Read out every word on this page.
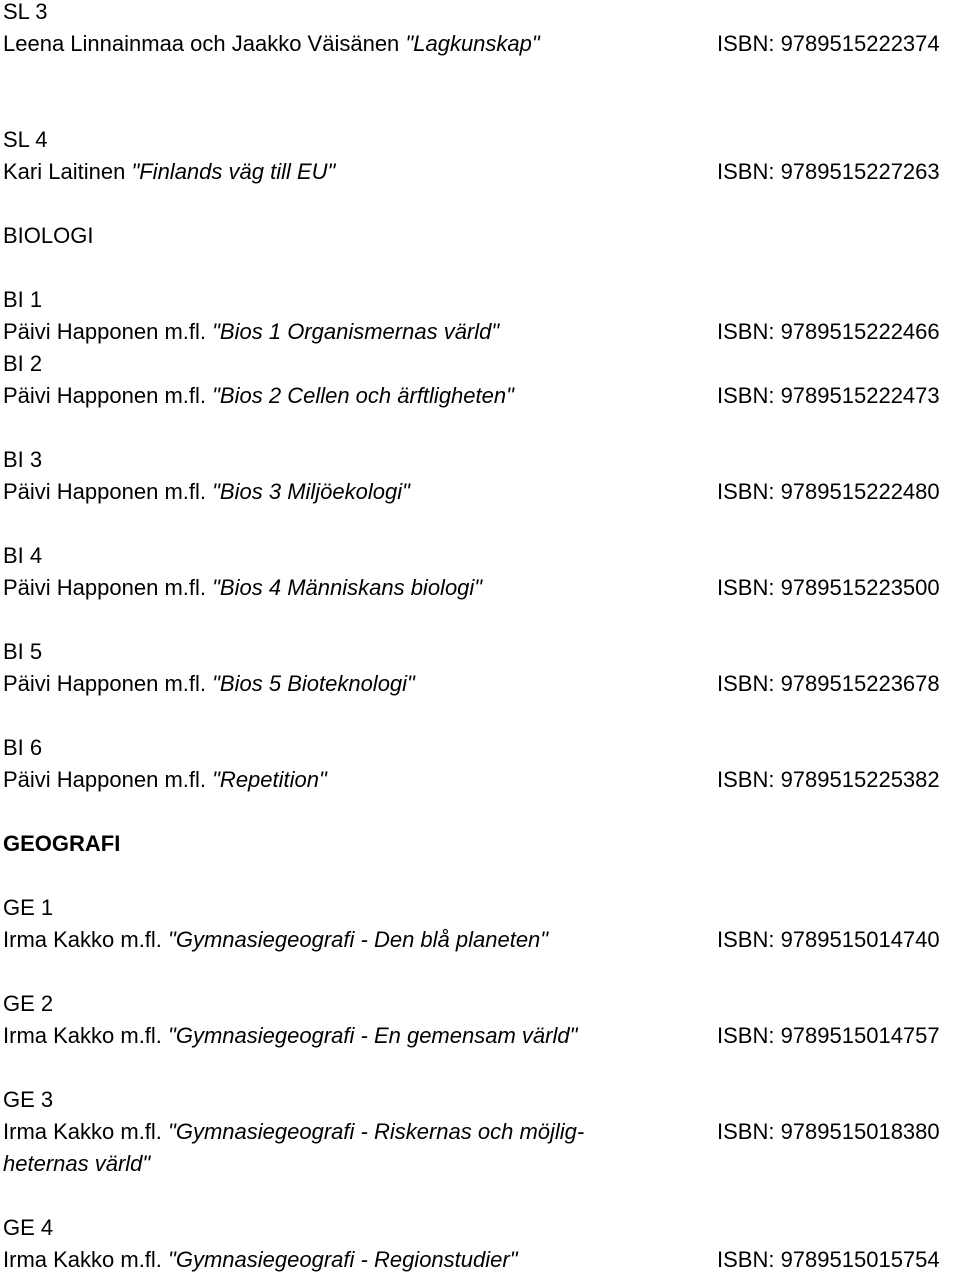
SL 3
Leena Linnainmaa och Jaakko Väisänen "Lagkunskap"	ISBN: 9789515222374
SL 4
Kari Laitinen "Finlands väg till EU"	ISBN: 9789515227263
BIOLOGI
BI 1
Päivi Happonen m.fl. "Bios 1 Organismernas värld"	ISBN: 9789515222466
BI 2
Päivi Happonen m.fl. "Bios 2 Cellen och ärftligheten"	ISBN: 9789515222473
BI 3
Päivi Happonen m.fl. "Bios 3 Miljöekologi"	ISBN: 9789515222480
BI 4
Päivi Happonen m.fl. "Bios 4 Människans biologi"	ISBN: 9789515223500
BI 5
Päivi Happonen m.fl. "Bios 5 Bioteknologi"	ISBN: 9789515223678
BI 6
Päivi Happonen m.fl. "Repetition"	ISBN: 9789515225382
GEOGRAFI
GE 1
Irma Kakko m.fl. "Gymnasiegeografi - Den blå planeten"	ISBN: 9789515014740
GE 2
Irma Kakko m.fl. "Gymnasiegeografi - En gemensam värld"	ISBN: 9789515014757
GE 3
Irma Kakko m.fl. "Gymnasiegeografi - Riskernas och möjlig-
heternas värld"
ISBN: 9789515018380
GE 4
Irma Kakko m.fl. "Gymnasiegeografi - Regionstudier"	ISBN: 9789515015754
